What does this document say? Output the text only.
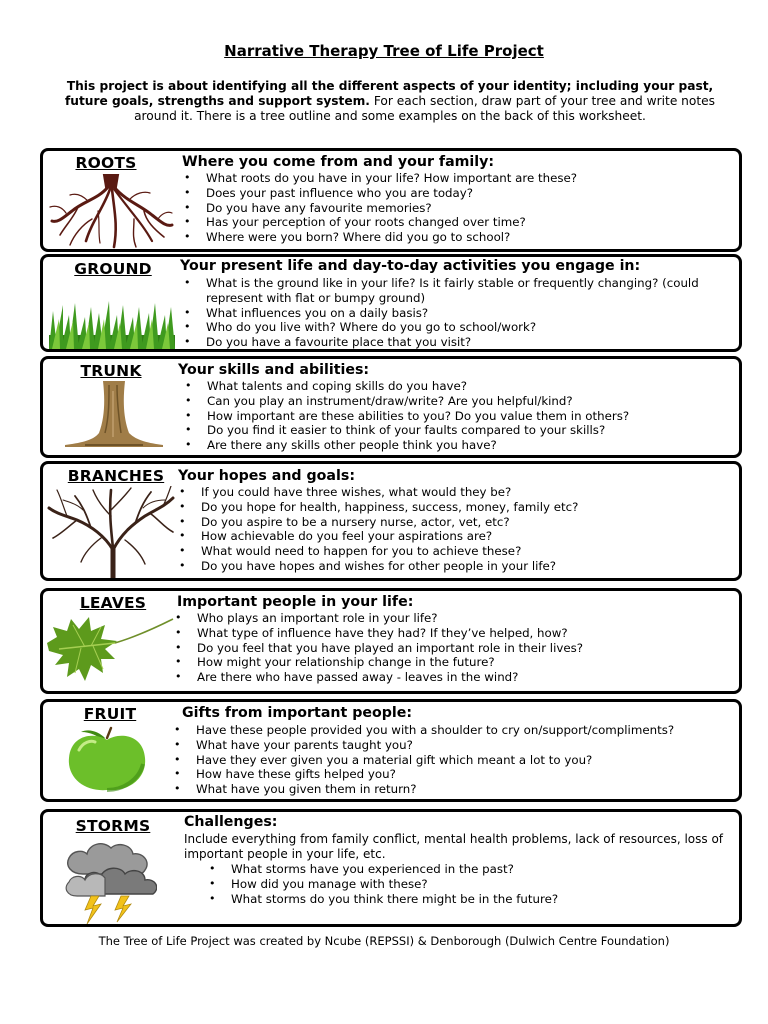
Narrative Therapy Tree of Life Project
This project is about identifying all the different aspects of your identity; including your past, future goals, strengths and support system. For each section, draw part of your tree and write notes around it. There is a tree outline and some examples on the back of this worksheet.
ROOTS	Where you come from and your family:
• What roots do you have in your life? How important are these?
• Does your past influence who you are today?
• Do you have any favourite memories?
• Has your perception of your roots changed over time?
• Where were you born? Where did you go to school?
GROUND	Your present life and day-to-day activities you engage in:
• What is the ground like in your life? Is it fairly stable or frequently changing? (could represent with flat or bumpy ground)
• What influences you on a daily basis?
• Who do you live with? Where do you go to school/work?
• Do you have a favourite place that you visit?
TRUNK	Your skills and abilities:
• What talents and coping skills do you have?
• Can you play an instrument/draw/write? Are you helpful/kind?
• How important are these abilities to you? Do you value them in others?
• Do you find it easier to think of your faults compared to your skills?
• Are there any skills other people think you have?
BRANCHES Your hopes and goals:
• If you could have three wishes, what would they be?
• Do you hope for health, happiness, success, money, family etc?
• Do you aspire to be a nursery nurse, actor, vet, etc?
• How achievable do you feel your aspirations are?
• What would need to happen for you to achieve these?
• Do you have hopes and wishes for other people in your life?
LEAVES	Important people in your life:
• Who plays an important role in your life?
• What type of influence have they had? If they’ve helped, how?
• Do you feel that you have played an important role in their lives?
• How might your relationship change in the future?
• Are there who have passed away - leaves in the wind?
FRUIT	Gifts from important people:
• Have these people provided you with a shoulder to cry on/support/compliments?
• What have your parents taught you?
• Have they ever given you a material gift which meant a lot to you?
• How have these gifts helped you?
• What have you given them in return?
STORMS	Challenges:
Include everything from family conflict, mental health problems, lack of resources, loss of important people in your life, etc.
• What storms have you experienced in the past?
• How did you manage with these?
• What storms do you think there might be in the future?
The Tree of Life Project was created by Ncube (REPSSI) & Denborough (Dulwich Centre Foundation)
